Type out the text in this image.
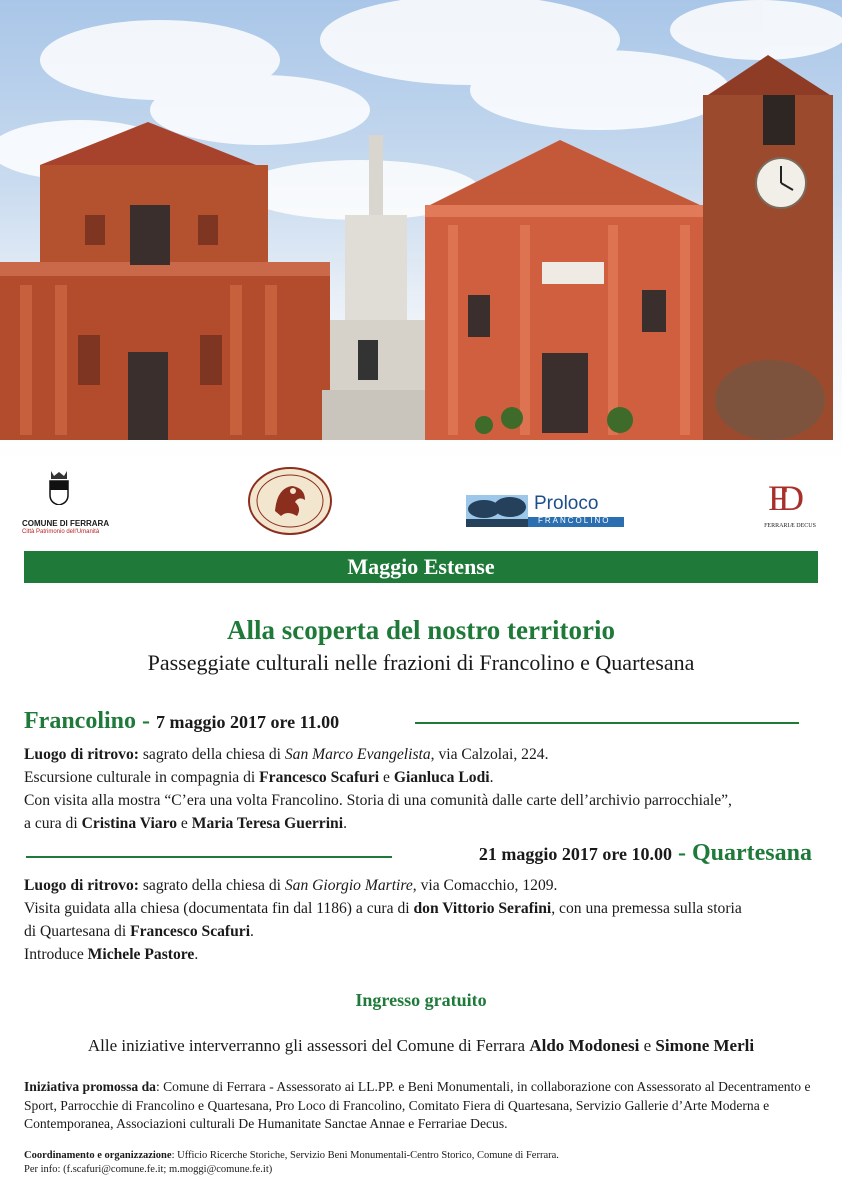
COMUNE DI FERRARA
Città Patrimonio dell'Umanità
Proloco
FRANCOLINO
FD
FERRARIÆ DECUS
Maggio Estense
Alla scoperta del nostro territorio
Passeggiate culturali nelle frazioni di Francolino e Quartesana
Francolino - 7 maggio 2017 ore 11.00
Luogo di ritrovo: sagrato della chiesa di San Marco Evangelista, via Calzolai, 224.
Escursione culturale in compagnia di Francesco Scafuri e Gianluca Lodi.
Con visita alla mostra “C’era una volta Francolino. Storia di una comunità dalle carte dell’archivio parrocchiale”,
a cura di Cristina Viaro e Maria Teresa Guerrini.
21 maggio 2017 ore 10.00 - Quartesana
Luogo di ritrovo: sagrato della chiesa di San Giorgio Martire, via Comacchio, 1209.
Visita guidata alla chiesa (documentata fin dal 1186) a cura di don Vittorio Serafini, con una premessa sulla storia
di Quartesana di Francesco Scafuri.
Introduce Michele Pastore.
Ingresso gratuito
Alle iniziative interverranno gli assessori del Comune di Ferrara Aldo Modonesi e Simone Merli
Iniziativa promossa da: Comune di Ferrara - Assessorato ai LL.PP. e Beni Monumentali, in collaborazione con Assessorato al Decentramento e Sport, Parrocchie di Francolino e Quartesana, Pro Loco di Francolino, Comitato Fiera di Quartesana, Servizio Gallerie d’Arte Moderna e Contemporanea, Associazioni culturali De Humanitate Sanctae Annae e Ferrariae Decus.
Coordinamento e organizzazione: Ufficio Ricerche Storiche, Servizio Beni Monumentali-Centro Storico, Comune di Ferrara.
Per info: (f.scafuri@comune.fe.it; m.moggi@comune.fe.it)
